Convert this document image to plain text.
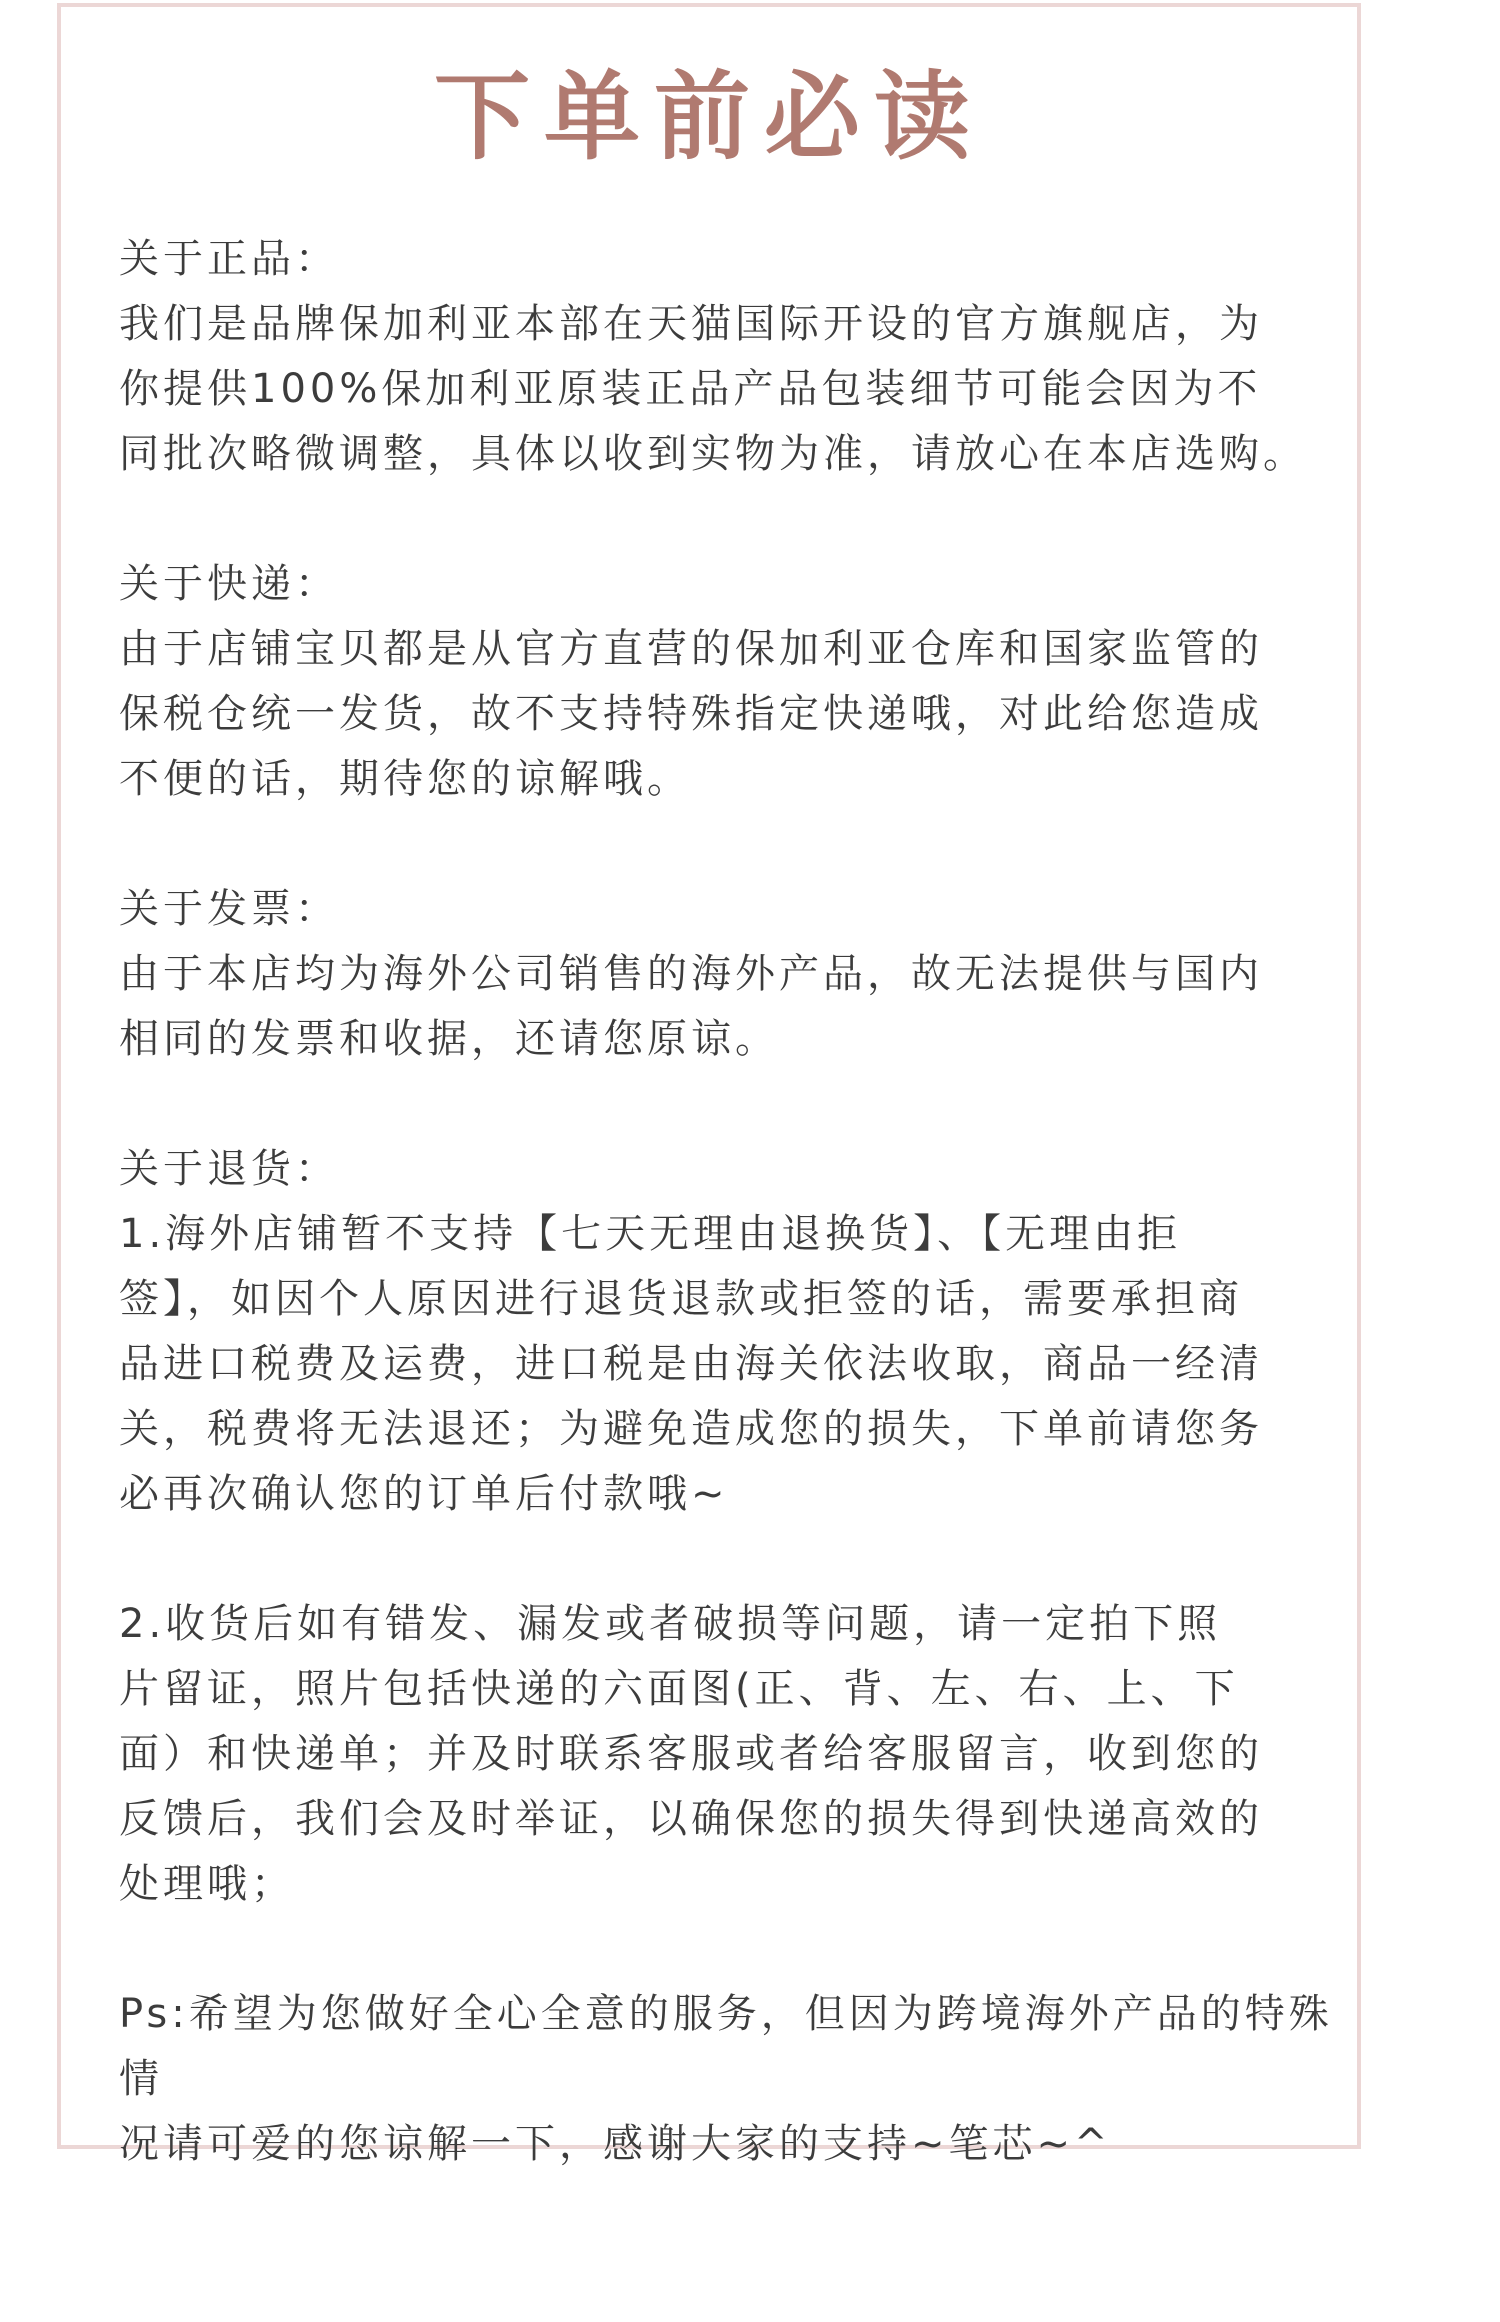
下单前必读
关于正品：

我们是品牌保加利亚本部在天猫国际开设的官方旗舰店，为
你提供100%保加利亚原装正品产品包装细节可能会因为不
同批次略微调整，具体以收到实物为准，请放心在本店选购。

关于快递：

由于店铺宝贝都是从官方直营的保加利亚仓库和国家监管的
保税仓统一发货，故不支持特殊指定快递哦，对此给您造成
不便的话，期待您的谅解哦。

关于发票：

由于本店均为海外公司销售的海外产品，故无法提供与国内
相同的发票和收据，还请您原谅。

关于退货：

1.海外店铺暂不支持【七天无理由退换货】、【无理由拒
签】，如因个人原因进行退货退款或拒签的话，需要承担商
品进口税费及运费，进口税是由海关依法收取，商品一经清
关，税费将无法退还；为避免造成您的损失，下单前请您务
必再次确认您的订单后付款哦~

2.收货后如有错发、漏发或者破损等问题，请一定拍下照
片留证，照片包括快递的六面图(正、背、左、右、上、下
面）和快递单；并及时联系客服或者给客服留言，收到您的
反馈后，我们会及时举证，以确保您的损失得到快递高效的
处理哦；

Ps:希望为您做好全心全意的服务，但因为跨境海外产品的特殊情
况请可爱的您谅解一下，感谢大家的支持~笔芯~^
